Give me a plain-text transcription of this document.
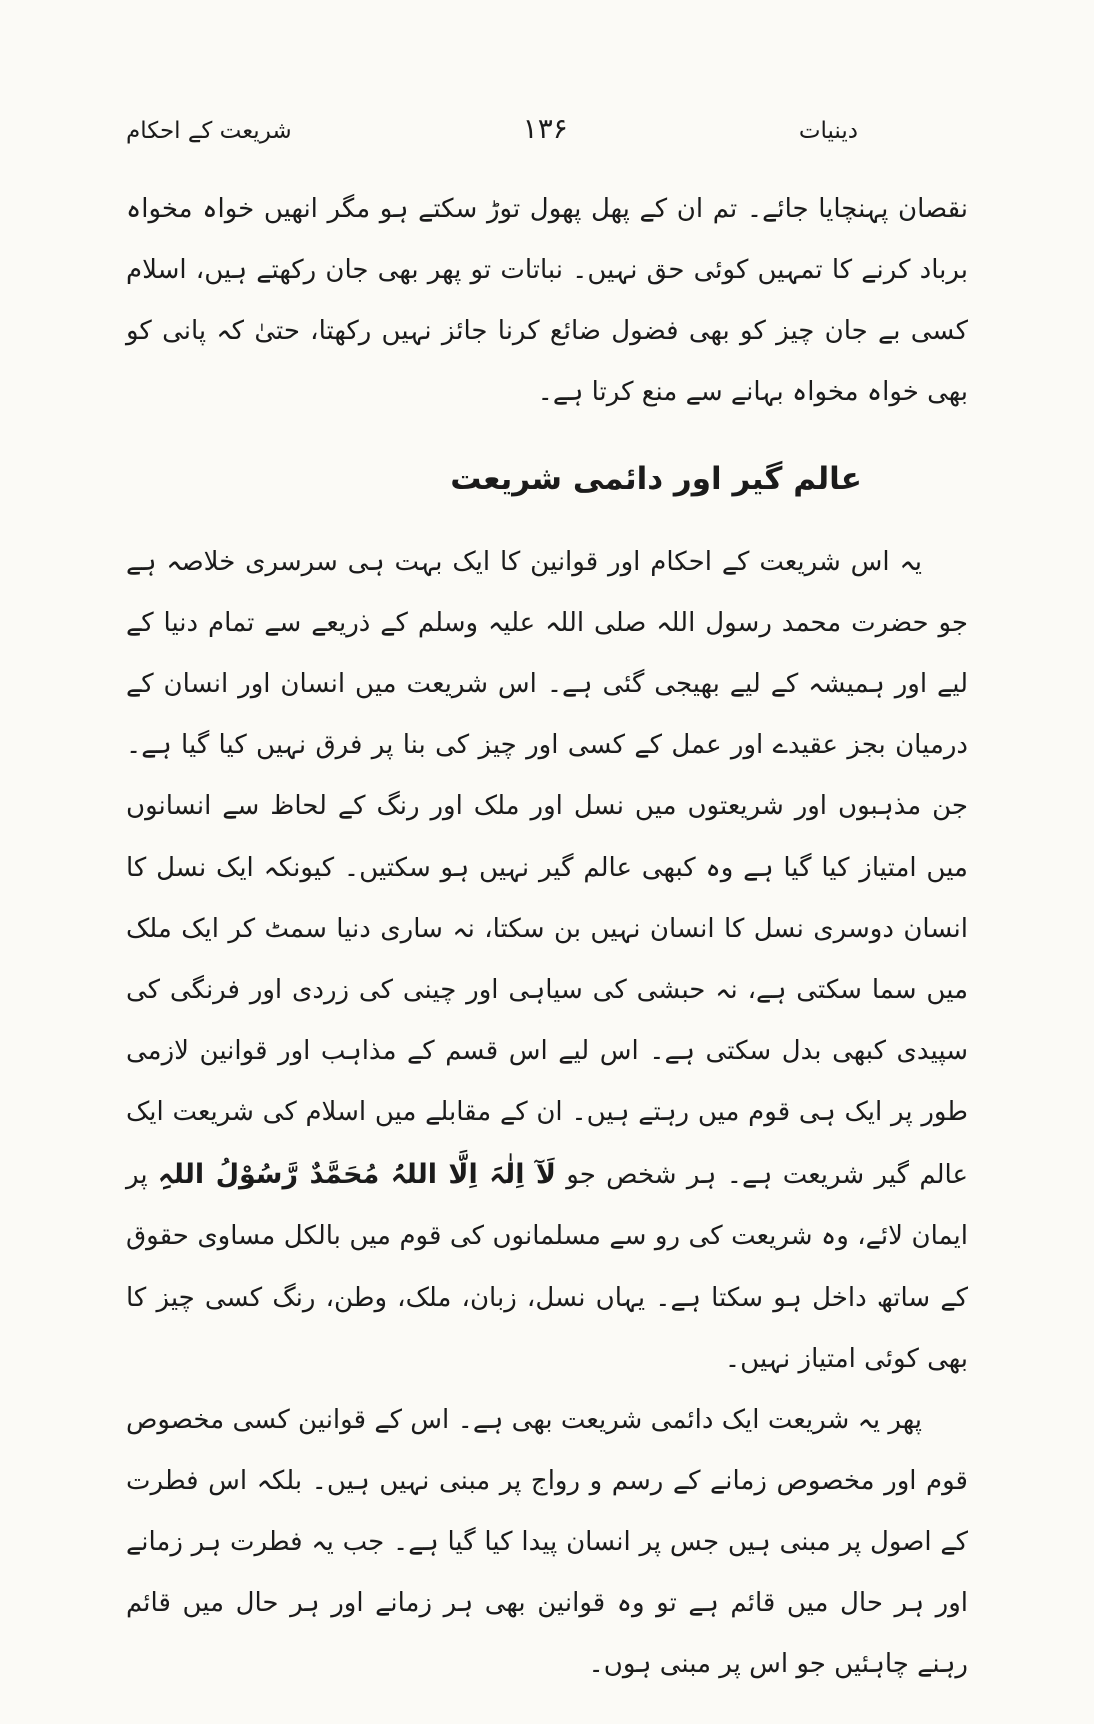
دینیات
۱۳۶
شریعت کے احکام

نقصان پہنچایا جائے۔ تم ان کے پھل پھول توڑ سکتے ہو مگر انھیں خواہ مخواہ برباد کرنے کا تمہیں کوئی حق نہیں۔ نباتات تو پھر بھی جان رکھتے ہیں، اسلام کسی بے جان چیز کو بھی فضول ضائع کرنا جائز نہیں رکھتا، حتیٰ کہ پانی کو بھی خواہ مخواہ بہانے سے منع کرتا ہے۔

عالم گیر اور دائمی شریعت

یہ اس شریعت کے احکام اور قوانین کا ایک بہت ہی سرسری خلاصہ ہے جو حضرت محمد رسول اللہ صلی اللہ علیہ وسلم کے ذریعے سے تمام دنیا کے لیے اور ہمیشہ کے لیے بھیجی گئی ہے۔ اس شریعت میں انسان اور انسان کے درمیان بجز عقیدے اور عمل کے کسی اور چیز کی بنا پر فرق نہیں کیا گیا ہے۔ جن مذہبوں اور شریعتوں میں نسل اور ملک اور رنگ کے لحاظ سے انسانوں میں امتیاز کیا گیا ہے وہ کبھی عالم گیر نہیں ہو سکتیں۔ کیونکہ ایک نسل کا انسان دوسری نسل کا انسان نہیں بن سکتا، نہ ساری دنیا سمٹ کر ایک ملک میں سما سکتی ہے، نہ حبشی کی سیاہی اور چینی کی زردی اور فرنگی کی سپیدی کبھی بدل سکتی ہے۔ اس لیے اس قسم کے مذاہب اور قوانین لازمی طور پر ایک ہی قوم میں رہتے ہیں۔ ان کے مقابلے میں اسلام کی شریعت ایک عالم گیر شریعت ہے۔ ہر شخص جو لَآ اِلٰہَ اِلَّا اللہُ مُحَمَّدٌ رَّسُوْلُ اللہِ پر ایمان لائے، وہ شریعت کی رو سے مسلمانوں کی قوم میں بالکل مساوی حقوق کے ساتھ داخل ہو سکتا ہے۔ یہاں نسل، زبان، ملک، وطن، رنگ کسی چیز کا بھی کوئی امتیاز نہیں۔

پھر یہ شریعت ایک دائمی شریعت بھی ہے۔ اس کے قوانین کسی مخصوص قوم اور مخصوص زمانے کے رسم و رواج پر مبنی نہیں ہیں۔ بلکہ اس فطرت کے اصول پر مبنی ہیں جس پر انسان پیدا کیا گیا ہے۔ جب یہ فطرت ہر زمانے اور ہر حال میں قائم ہے تو وہ قوانین بھی ہر زمانے اور ہر حال میں قائم رہنے چاہئیں جو اس پر مبنی ہوں۔
